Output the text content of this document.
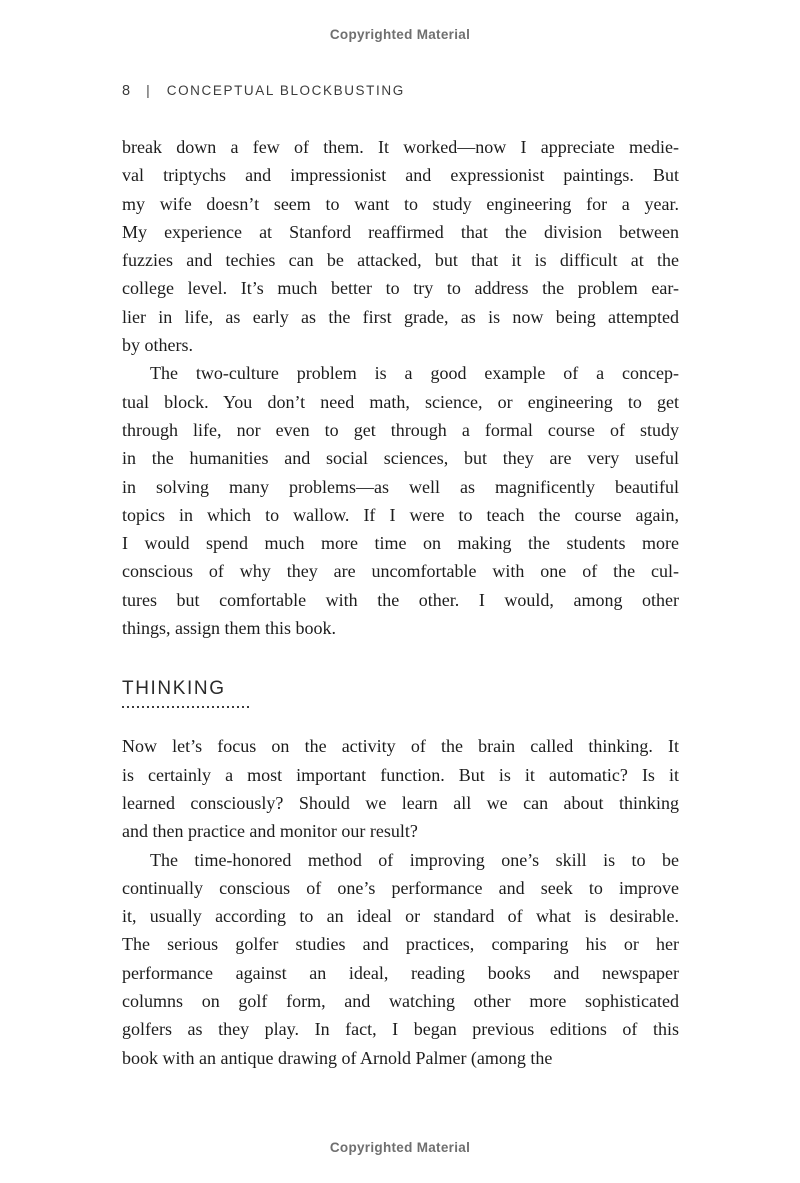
Copyrighted Material
8 | CONCEPTUAL BLOCKBUSTING
break down a few of them. It worked—now I appreciate medie-
val triptychs and impressionist and expressionist paintings. But
my wife doesn’t seem to want to study engineering for a year.
My experience at Stanford reaffirmed that the division between
fuzzies and techies can be attacked, but that it is difficult at the
college level. It’s much better to try to address the problem ear-
lier in life, as early as the first grade, as is now being attempted
by others.
The two-culture problem is a good example of a concep-
tual block. You don’t need math, science, or engineering to get
through life, nor even to get through a formal course of study
in the humanities and social sciences, but they are very useful
in solving many problems—as well as magnificently beautiful
topics in which to wallow. If I were to teach the course again,
I would spend much more time on making the students more
conscious of why they are uncomfortable with one of the cul-
tures but comfortable with the other. I would, among other
things, assign them this book.
THINKING
Now let’s focus on the activity of the brain called thinking. It
is certainly a most important function. But is it automatic? Is it
learned consciously? Should we learn all we can about thinking
and then practice and monitor our result?
The time-honored method of improving one’s skill is to be
continually conscious of one’s performance and seek to improve
it, usually according to an ideal or standard of what is desirable.
The serious golfer studies and practices, comparing his or her
performance against an ideal, reading books and newspaper
columns on golf form, and watching other more sophisticated
golfers as they play. In fact, I began previous editions of this
book with an antique drawing of Arnold Palmer (among the
Copyrighted Material
